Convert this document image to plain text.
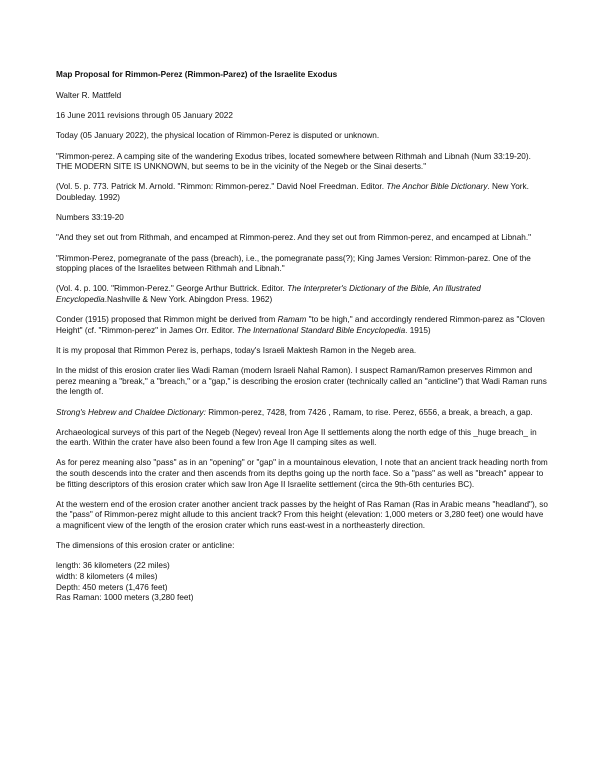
Map Proposal for Rimmon-Perez (Rimmon-Parez) of the Israelite Exodus

Walter R. Mattfeld

16 June 2011 revisions through 05 January 2022

Today (05 January 2022), the physical location of Rimmon-Perez is disputed or unknown.

"Rimmon-perez. A camping site of the wandering Exodus tribes, located somewhere between Rithmah and Libnah (Num 33:19-20). THE MODERN SITE IS UNKNOWN, but seems to be in the vicinity of the Negeb or the Sinai deserts."

(Vol. 5. p. 773. Patrick M. Arnold. "Rimmon: Rimmon-perez." David Noel Freedman. Editor. The Anchor Bible Dictionary. New York. Doubleday. 1992)

Numbers 33:19-20

"And they set out from Rithmah, and encamped at Rimmon-perez. And they set out from Rimmon-perez, and encamped at Libnah."

"Rimmon-Perez, pomegranate of the pass (breach), i.e., the pomegranate pass(?); King James Version: Rimmon-parez. One of the stopping places of the Israelites between Rithmah and Libnah."

(Vol. 4. p. 100. "Rimmon-Perez." George Arthur Buttrick. Editor. The Interpreter's Dictionary of the Bible, An Illustrated Encyclopedia.Nashville & New York. Abingdon Press. 1962)

Conder (1915) proposed that Rimmon might be derived from Ramam "to be high," and accordingly rendered Rimmon-parez as "Cloven Height" (cf. "Rimmon-perez" in James Orr. Editor. The International Standard Bible Encyclopedia. 1915)

It is my proposal that Rimmon Perez is, perhaps, today's Israeli Maktesh Ramon in the Negeb area.

In the midst of this erosion crater lies Wadi Raman (modern Israeli Nahal Ramon). I suspect Raman/Ramon preserves Rimmon and perez meaning a "break," a "breach," or a "gap," is describing the erosion crater (technically called an "anticline") that Wadi Raman runs the length of.

Strong's Hebrew and Chaldee Dictionary: Rimmon-perez, 7428, from 7426 , Ramam, to rise. Perez, 6556, a break, a breach, a gap.

Archaeological surveys of this part of the Negeb (Negev) reveal Iron Age II settlements along the north edge of this _huge breach_ in the earth. Within the crater have also been found a few Iron Age II camping sites as well.

As for perez meaning also "pass" as in an "opening" or "gap" in a mountainous elevation, I note that an ancient track heading north from the south descends into the crater and then ascends from its depths going up the north face. So a "pass" as well as "breach" appear to be fitting descriptors of this erosion crater which saw Iron Age II Israelite settlement (circa the 9th-6th centuries BC).

At the western end of the erosion crater another ancient track passes by the height of Ras Raman (Ras in Arabic means "headland"), so the "pass" of Rimmon-perez might allude to this ancient track? From this height (elevation: 1,000 meters or 3,280 feet) one would have a magnificent view of the length of the erosion crater which runs east-west in a northeasterly direction.

The dimensions of this erosion crater or anticline:

length: 36 kilometers (22 miles)

width: 8 kilometers (4 miles)

Depth: 450 meters (1,476 feet)

Ras Raman: 1000 meters (3,280 feet)
